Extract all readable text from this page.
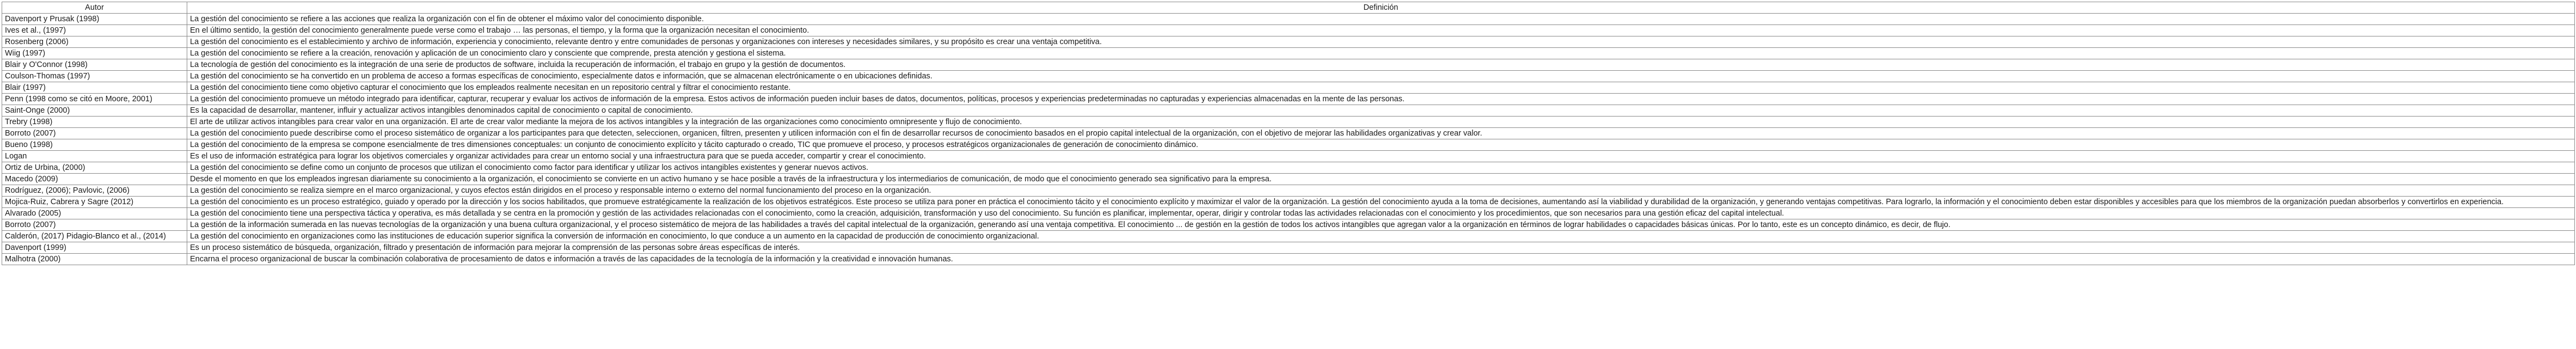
Autor	Definición
Davenport y Prusak (1998)	La gestión del conocimiento se refiere a las acciones que realiza la organización con el fin de obtener el máximo valor del conocimiento disponible.
Ives et al., (1997)	En el último sentido, la gestión del conocimiento generalmente puede verse como el trabajo … las personas, el tiempo, y la forma que la organización necesitan el conocimiento.
Rosenberg (2006)	La gestión del conocimiento es el establecimiento y archivo de información, experiencia y conocimiento, relevante dentro y entre comunidades de personas y organizaciones con intereses y necesidades similares, y su propósito es crear una ventaja competitiva.
Wiig (1997)	La gestión del conocimiento se refiere a la creación, renovación y aplicación de un conocimiento claro y consciente que comprende, presta atención y gestiona el sistema.
Blair y O'Connor (1998)	La tecnología de gestión del conocimiento es la integración de una serie de productos de software, incluida la recuperación de información, el trabajo en grupo y la gestión de documentos.
Coulson-Thomas (1997)	La gestión del conocimiento se ha convertido en un problema de acceso a formas específicas de conocimiento, especialmente datos e información, que se almacenan electrónicamente o en ubicaciones definidas.
Blair (1997)	La gestión del conocimiento tiene como objetivo capturar el conocimiento que los empleados realmente necesitan en un repositorio central y filtrar el conocimiento restante.
Penn (1998 como se citó en Moore, 2001)	La gestión del conocimiento promueve un método integrado para identificar, capturar, recuperar y evaluar los activos de información de la empresa. Estos activos de información pueden incluir bases de datos, documentos, políticas, procesos y experiencias predeterminadas no capturadas y experiencias almacenadas en la mente de las personas.
Saint-Onge (2000)	Es la capacidad de desarrollar, mantener, influir y actualizar activos intangibles denominados capital de conocimiento o capital de conocimiento.
Trebry (1998)	El arte de utilizar activos intangibles para crear valor en una organización. El arte de crear valor mediante la mejora de los activos intangibles y la integración de las organizaciones como conocimiento omnipresente y flujo de conocimiento.
Borroto (2007)	La gestión del conocimiento puede describirse como el proceso sistemático de organizar a los participantes para que detecten, seleccionen, organicen, filtren, presenten y utilicen información con el fin de desarrollar recursos de conocimiento basados en el propio capital intelectual de la organización, con el objetivo de mejorar las habilidades organizativas y crear valor.
Bueno (1998)	La gestión del conocimiento de la empresa se compone esencialmente de tres dimensiones conceptuales: un conjunto de conocimiento explícito y tácito capturado o creado, TIC que promueve el proceso, y procesos estratégicos organizacionales de generación de conocimiento dinámico.
Logan	Es el uso de información estratégica para lograr los objetivos comerciales y organizar actividades para crear un entorno social y una infraestructura para que se pueda acceder, compartir y crear el conocimiento.
Ortiz de Urbina, (2000)	La gestión del conocimiento se define como un conjunto de procesos que utilizan el conocimiento como factor para identificar y utilizar los activos intangibles existentes y generar nuevos activos.
Macedo (2009)	Desde el momento en que los empleados ingresan diariamente su conocimiento a la organización, el conocimiento se convierte en un activo humano y se hace posible a través de la infraestructura y los intermediarios de comunicación, de modo que el conocimiento generado sea significativo para la empresa.
Rodríguez, (2006); Pavlovic, (2006)	La gestión del conocimiento se realiza siempre en el marco organizacional, y cuyos efectos están dirigidos en el proceso y responsable interno o externo del normal funcionamiento del proceso en la organización.
Mojica-Ruiz, Cabrera y Sagre (2012)	La gestión del conocimiento es un proceso estratégico, guiado y operado por la dirección y los socios habilitados, que promueve estratégicamente la realización de los objetivos estratégicos. Este proceso se utiliza para poner en práctica el conocimiento tácito y el conocimiento explícito y maximizar el valor de la organización. La gestión del conocimiento ayuda a la toma de decisiones, aumentando así la viabilidad y durabilidad de la organización, y generando ventajas competitivas. Para lograrlo, la información y el conocimiento deben estar disponibles y accesibles para que los miembros de la organización puedan absorberlos y convertirlos en experiencia.
Alvarado (2005)	La gestión del conocimiento tiene una perspectiva táctica y operativa, es más detallada y se centra en la promoción y gestión de las actividades relacionadas con el conocimiento, como la creación, adquisición, transformación y uso del conocimiento. Su función es planificar, implementar, operar, dirigir y controlar todas las actividades relacionadas con el conocimiento y los procedimientos, que son necesarios para una gestión eficaz del capital intelectual.
Borroto (2007)	La gestión de la información sumerada en las nuevas tecnologías de la organización y una buena cultura organizacional, y el proceso sistemático de mejora de las habilidades a través del capital intelectual de la organización, generando así una ventaja competitiva. El conocimiento ... de gestión en la gestión de todos los activos intangibles que agregan valor a la organización en términos de lograr habilidades o capacidades básicas únicas. Por lo tanto, este es un concepto dinámico, es decir, de flujo.
Calderón, (2017) Pidagio-Blanco et al., (2014)	La gestión del conocimiento en organizaciones como las instituciones de educación superior significa la conversión de información en conocimiento, lo que conduce a un aumento en la capacidad de producción de conocimiento organizacional.
Davenport (1999)	Es un proceso sistemático de búsqueda, organización, filtrado y presentación de información para mejorar la comprensión de las personas sobre áreas específicas de interés.
Malhotra (2000)	Encarna el proceso organizacional de buscar la combinación colaborativa de procesamiento de datos e información a través de las capacidades de la tecnología de la información y la creatividad e innovación humanas.
